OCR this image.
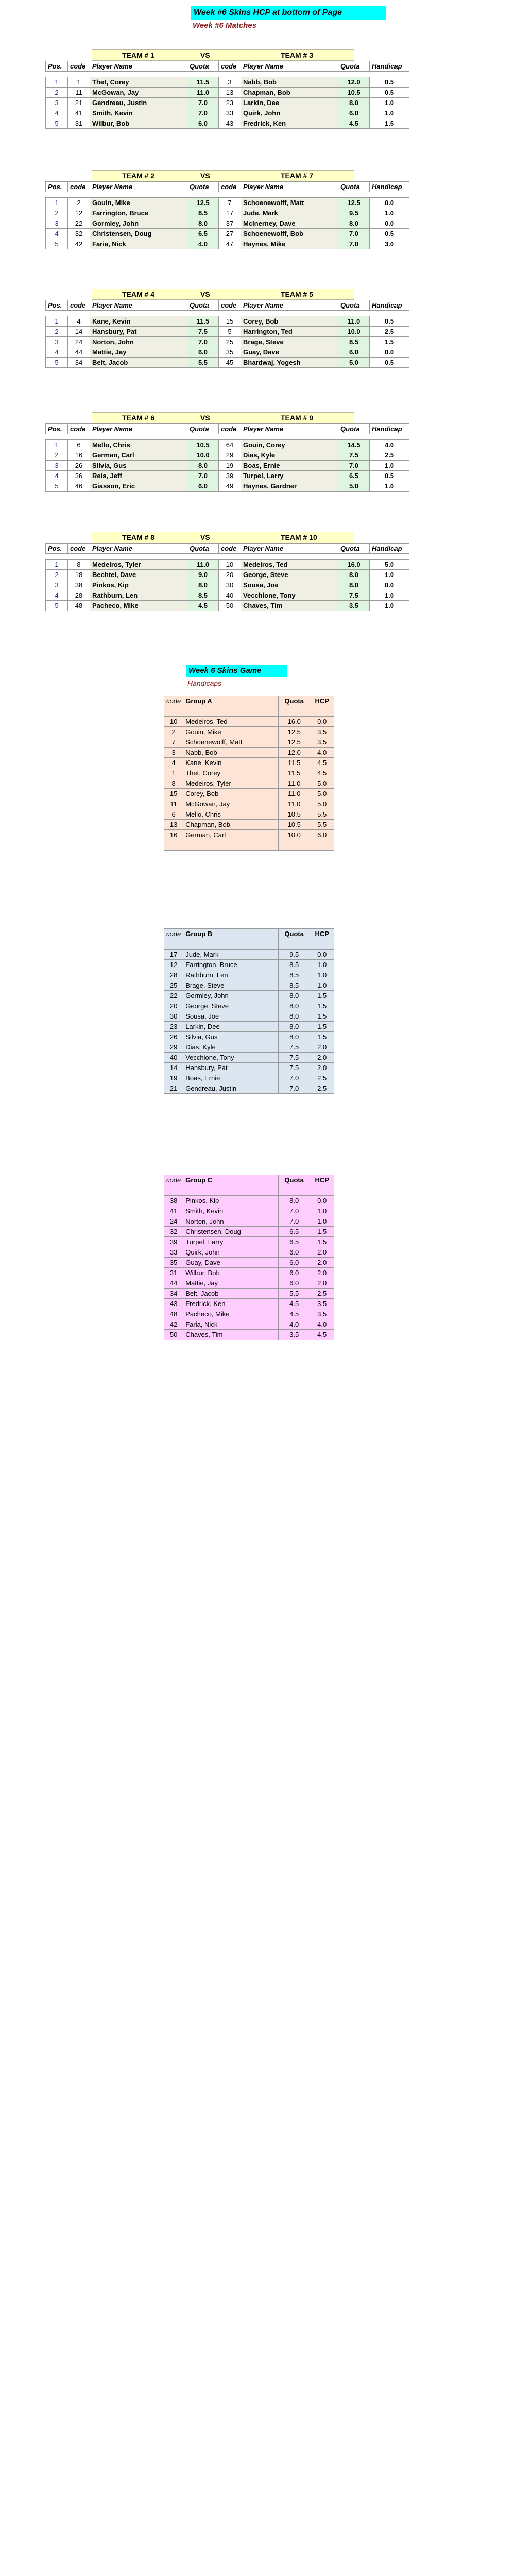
Week #6 Skins HCP at bottom of Page
Week #6 Matches
TEAM # 1	VS	TEAM # 3
Pos.	code	Player Name	Quota	code	Player Name	Quota	Handicap

1	1	Thet, Corey	11.5	3	Nabb, Bob	12.0	0.5
2	11	McGowan, Jay	11.0	13	Chapman, Bob	10.5	0.5
3	21	Gendreau, Justin	7.0	23	Larkin, Dee	8.0	1.0
4	41	Smith, Kevin	7.0	33	Quirk, John	6.0	1.0
5	31	Wilbur, Bob	6.0	43	Fredrick, Ken	4.5	1.5
TEAM # 2	VS	TEAM # 7
Pos.	code	Player Name	Quota	code	Player Name	Quota	Handicap

1	2	Gouin, Mike	12.5	7	Schoenewolff, Matt	12.5	0.0
2	12	Farrington, Bruce	8.5	17	Jude, Mark	9.5	1.0
3	22	Gormley, John	8.0	37	McInerney, Dave	8.0	0.0
4	32	Christensen, Doug	6.5	27	Schoenewolff, Bob	7.0	0.5
5	42	Faria, Nick	4.0	47	Haynes, Mike	7.0	3.0
TEAM # 4	VS	TEAM # 5
Pos.	code	Player Name	Quota	code	Player Name	Quota	Handicap

1	4	Kane, Kevin	11.5	15	Corey, Bob	11.0	0.5
2	14	Hansbury, Pat	7.5	5	Harrington, Ted	10.0	2.5
3	24	Norton, John	7.0	25	Brage, Steve	8.5	1.5
4	44	Mattie, Jay	6.0	35	Guay, Dave	6.0	0.0
5	34	Belt, Jacob	5.5	45	Bhardwaj, Yogesh	5.0	0.5
TEAM # 6	VS	TEAM # 9
Pos.	code	Player Name	Quota	code	Player Name	Quota	Handicap

1	6	Mello, Chris	10.5	64	Gouin, Corey	14.5	4.0
2	16	German, Carl	10.0	29	Dias, Kyle	7.5	2.5
3	26	Silvia, Gus	8.0	19	Boas, Ernie	7.0	1.0
4	36	Reis, Jeff	7.0	39	Turpel, Larry	6.5	0.5
5	46	Giasson, Eric	6.0	49	Haynes, Gardner	5.0	1.0
TEAM # 8	VS	TEAM # 10
Pos.	code	Player Name	Quota	code	Player Name	Quota	Handicap

1	8	Medeiros, Tyler	11.0	10	Medeiros, Ted	16.0	5.0
2	18	Bechtel, Dave	9.0	20	George, Steve	8.0	1.0
3	38	Pinkos, Kip	8.0	30	Sousa, Joe	8.0	0.0
4	28	Rathburn, Len	8.5	40	Vecchione, Tony	7.5	1.0
5	48	Pacheco, Mike	4.5	50	Chaves, Tim	3.5	1.0
Week 6 Skins Game
Handicaps
code	Group A	Quota	HCP

10	Medeiros, Ted	16.0	0.0
2	Gouin, Mike	12.5	3.5
7	Schoenewolff, Matt	12.5	3.5
3	Nabb, Bob	12.0	4.0
4	Kane, Kevin	11.5	4.5
1	Thet, Corey	11.5	4.5
8	Medeiros, Tyler	11.0	5.0
15	Corey, Bob	11.0	5.0
11	McGowan, Jay	11.0	5.0
6	Mello, Chris	10.5	5.5
13	Chapman, Bob	10.5	5.5
16	German, Carl	10.0	6.0

code	Group B	Quota	HCP

17	Jude, Mark	9.5	0.0
12	Farrington, Bruce	8.5	1.0
28	Rathburn, Len	8.5	1.0
25	Brage, Steve	8.5	1.0
22	Gormley, John	8.0	1.5
20	George, Steve	8.0	1.5
30	Sousa, Joe	8.0	1.5
23	Larkin, Dee	8.0	1.5
26	Silvia, Gus	8.0	1.5
29	Dias, Kyle	7.5	2.0
40	Vecchione, Tony	7.5	2.0
14	Hansbury, Pat	7.5	2.0
19	Boas, Ernie	7.0	2.5
21	Gendreau, Justin	7.0	2.5
code	Group C	Quota	HCP

38	Pinkos, Kip	8.0	0.0
41	Smith, Kevin	7.0	1.0
24	Norton, John	7.0	1.0
32	Christensen, Doug	6.5	1.5
39	Turpel, Larry	6.5	1.5
33	Quirk, John	6.0	2.0
35	Guay, Dave	6.0	2.0
31	Wilbur, Bob	6.0	2.0
44	Mattie, Jay	6.0	2.0
34	Belt, Jacob	5.5	2.5
43	Fredrick, Ken	4.5	3.5
48	Pacheco, Mike	4.5	3.5
42	Faria, Nick	4.0	4.0
50	Chaves, Tim	3.5	4.5
